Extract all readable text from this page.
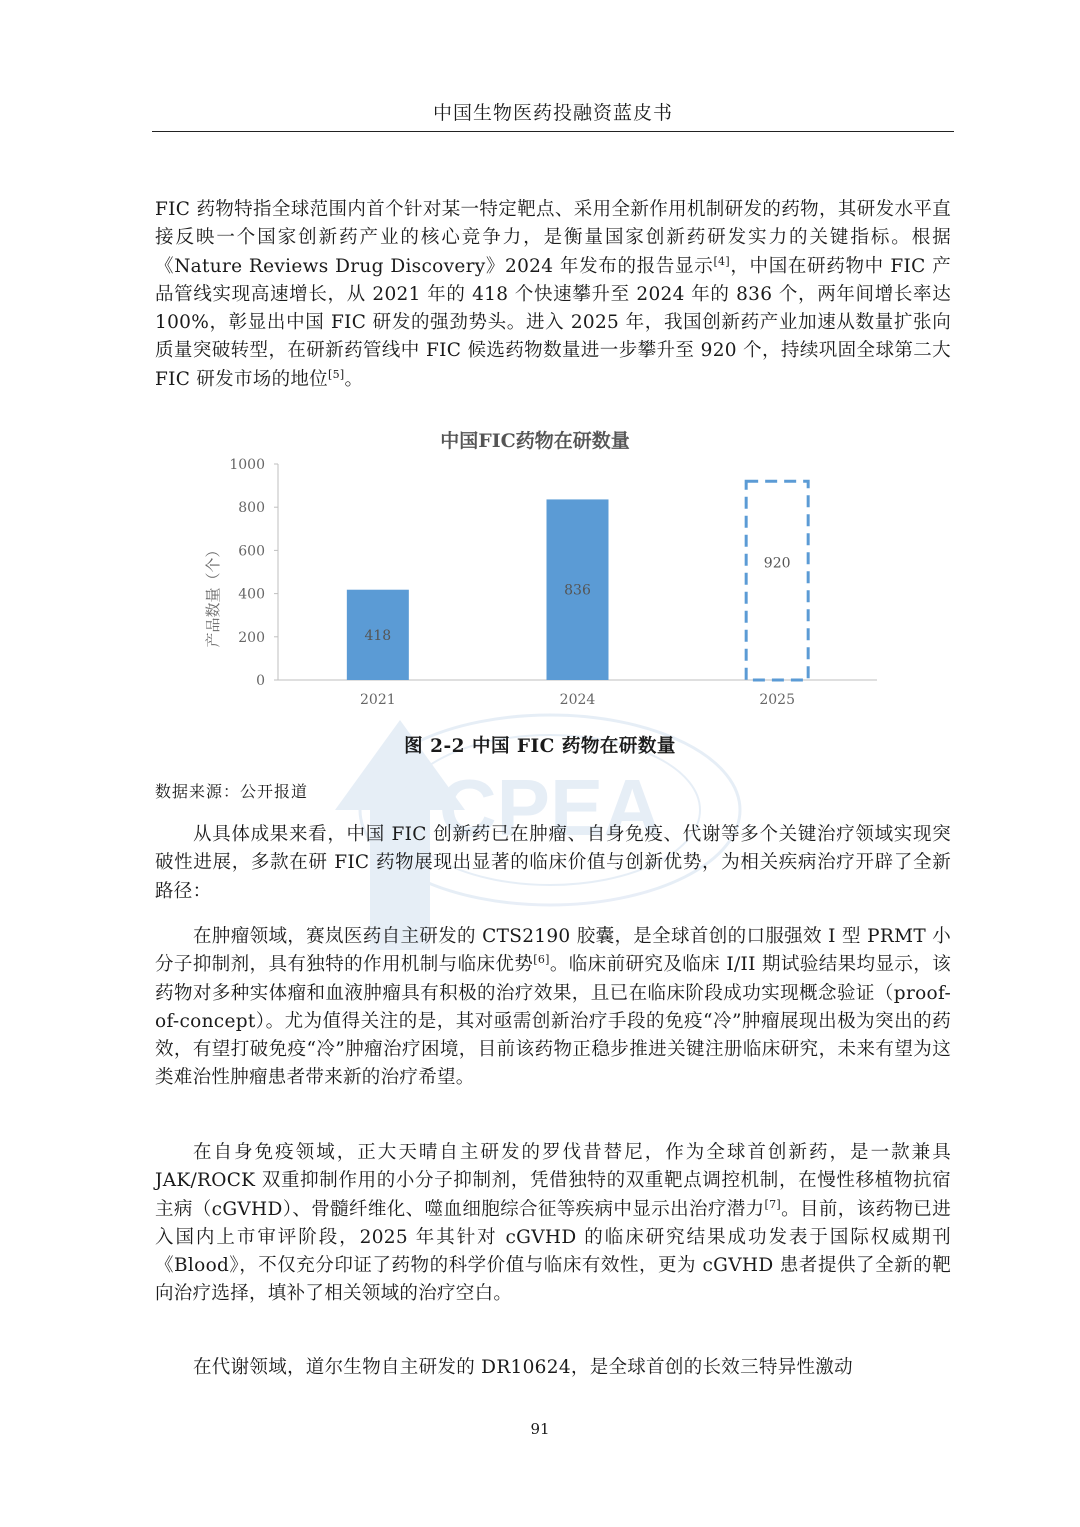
中国生物医药投融资蓝皮书

FIC 药物特指全球范围内首个针对某一特定靶点、采用全新作用机制研发的药物，其研发水平直接反映一个国家创新药产业的核心竞争力，是衡量国家创新药研发实力的关键指标。根据《Nature Reviews Drug Discovery》2024 年发布的报告显示[4]，中国在研药物中 FIC 产品管线实现高速增长，从 2021 年的 418 个快速攀升至 2024 年的 836 个，两年间增长率达 100%，彰显出中国 FIC 研发的强劲势头。进入 2025 年，我国创新药产业加速从数量扩张向质量突破转型，在研新药管线中 FIC 候选药物数量进一步攀升至 920 个，持续巩固全球第二大 FIC 研发市场的地位[5]。

CPEA
中国FIC药物在研数量
产品数量（个）
0
200
400
600
800
1000
418
2021
836
2024
920
2025
图 2-2 中国 FIC 药物在研数量
数据来源：公开报道

从具体成果来看，中国 FIC 创新药已在肿瘤、自身免疫、代谢等多个关键治疗领域实现突破性进展，多款在研 FIC 药物展现出显著的临床价值与创新优势，为相关疾病治疗开辟了全新路径：

在肿瘤领域，赛岚医药自主研发的 CTS2190 胶囊，是全球首创的口服强效 I 型 PRMT 小分子抑制剂，具有独特的作用机制与临床优势[6]。临床前研究及临床 I/II 期试验结果均显示，该药物对多种实体瘤和血液肿瘤具有积极的治疗效果，且已在临床阶段成功实现概念验证（proof-of-concept）。尤为值得关注的是，其对亟需创新治疗手段的免疫“冷”肿瘤展现出极为突出的药效，有望打破免疫“冷”肿瘤治疗困境，目前该药物正稳步推进关键注册临床研究，未来有望为这类难治性肿瘤患者带来新的治疗希望。

在自身免疫领域，正大天晴自主研发的罗伐昔替尼，作为全球首创新药，是一款兼具 JAK/ROCK 双重抑制作用的小分子抑制剂，凭借独特的双重靶点调控机制，在慢性移植物抗宿主病（cGVHD）、骨髓纤维化、噬血细胞综合征等疾病中显示出治疗潜力[7]。目前，该药物已进入国内上市审评阶段，2025 年其针对 cGVHD 的临床研究结果成功发表于国际权威期刊《Blood》，不仅充分印证了药物的科学价值与临床有效性，更为 cGVHD 患者提供了全新的靶向治疗选择，填补了相关领域的治疗空白。

在代谢领域，道尔生物自主研发的 DR10624，是全球首创的长效三特异性激动

91
